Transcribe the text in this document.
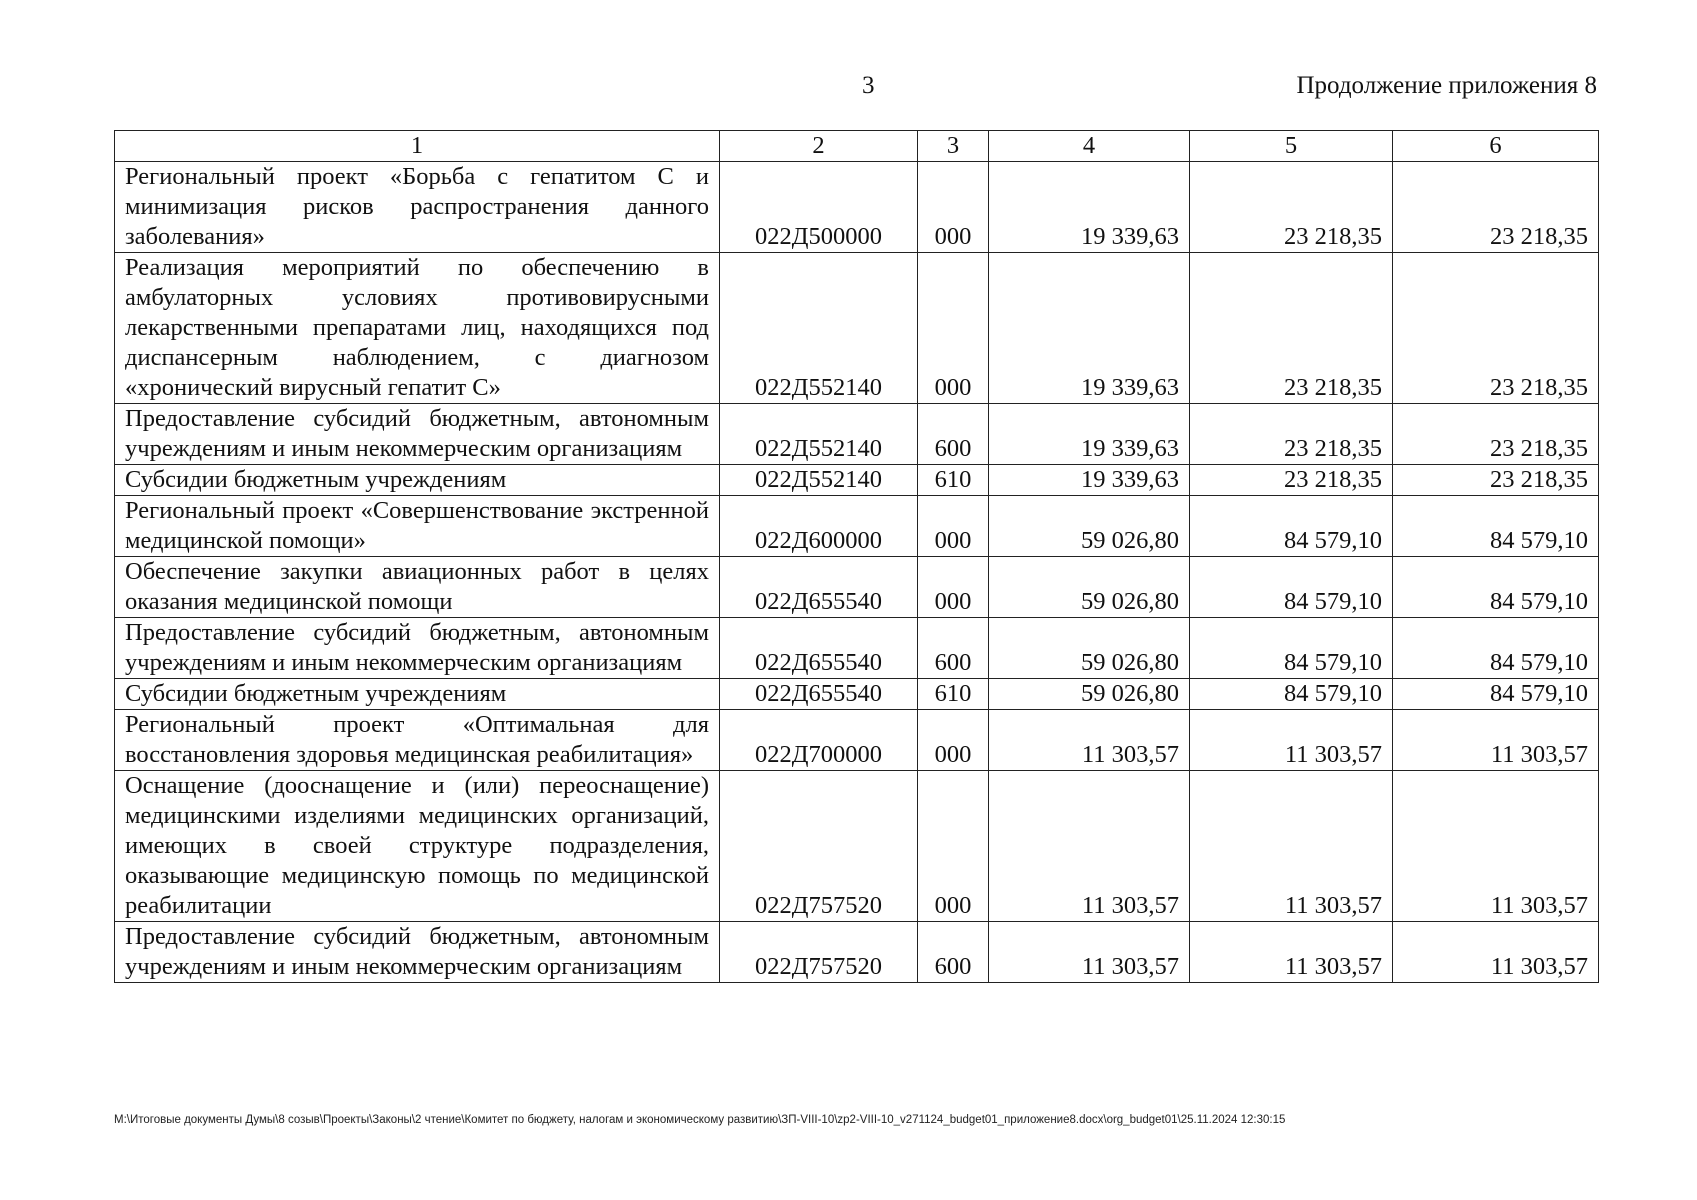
3	Продолжение приложения 8
1	2	3	4	5	6
Региональный проект «Борьба с гепатитом С и минимизация рисков распространения данного заболевания»	022Д500000	000	19 339,63	23 218,35	23 218,35
Реализация мероприятий по обеспечению в амбулаторных условиях противовирусными лекарственными препаратами лиц, находящихся под диспансерным наблюдением, с диагнозом «хронический вирусный гепатит С»	022Д552140	000	19 339,63	23 218,35	23 218,35
Предоставление субсидий бюджетным, автономным учреждениям и иным некоммерческим организациям	022Д552140	600	19 339,63	23 218,35	23 218,35
Субсидии бюджетным учреждениям	022Д552140	610	19 339,63	23 218,35	23 218,35
Региональный проект «Совершенствование экстренной медицинской помощи»	022Д600000	000	59 026,80	84 579,10	84 579,10
Обеспечение закупки авиационных работ в целях оказания медицинской помощи	022Д655540	000	59 026,80	84 579,10	84 579,10
Предоставление субсидий бюджетным, автономным учреждениям и иным некоммерческим организациям	022Д655540	600	59 026,80	84 579,10	84 579,10
Субсидии бюджетным учреждениям	022Д655540	610	59 026,80	84 579,10	84 579,10
Региональный проект «Оптимальная для восстановления здоровья медицинская реабилитация»	022Д700000	000	11 303,57	11 303,57	11 303,57
Оснащение (дооснащение и (или) переоснащение) медицинскими изделиями медицинских организаций, имеющих в своей структуре подразделения, оказывающие медицинскую помощь по медицинской реабилитации	022Д757520	000	11 303,57	11 303,57	11 303,57
Предоставление субсидий бюджетным, автономным учреждениям и иным некоммерческим организациям	022Д757520	600	11 303,57	11 303,57	11 303,57
M:\Итоговые документы Думы\8 созыв\Проекты\Законы\2 чтение\Комитет по бюджету, налогам и экономическому развитию\ЗП-VIII-10\zp2-VIII-10_v271124_budget01_приложение8.docx\org_budget01\25.11.2024 12:30:15
